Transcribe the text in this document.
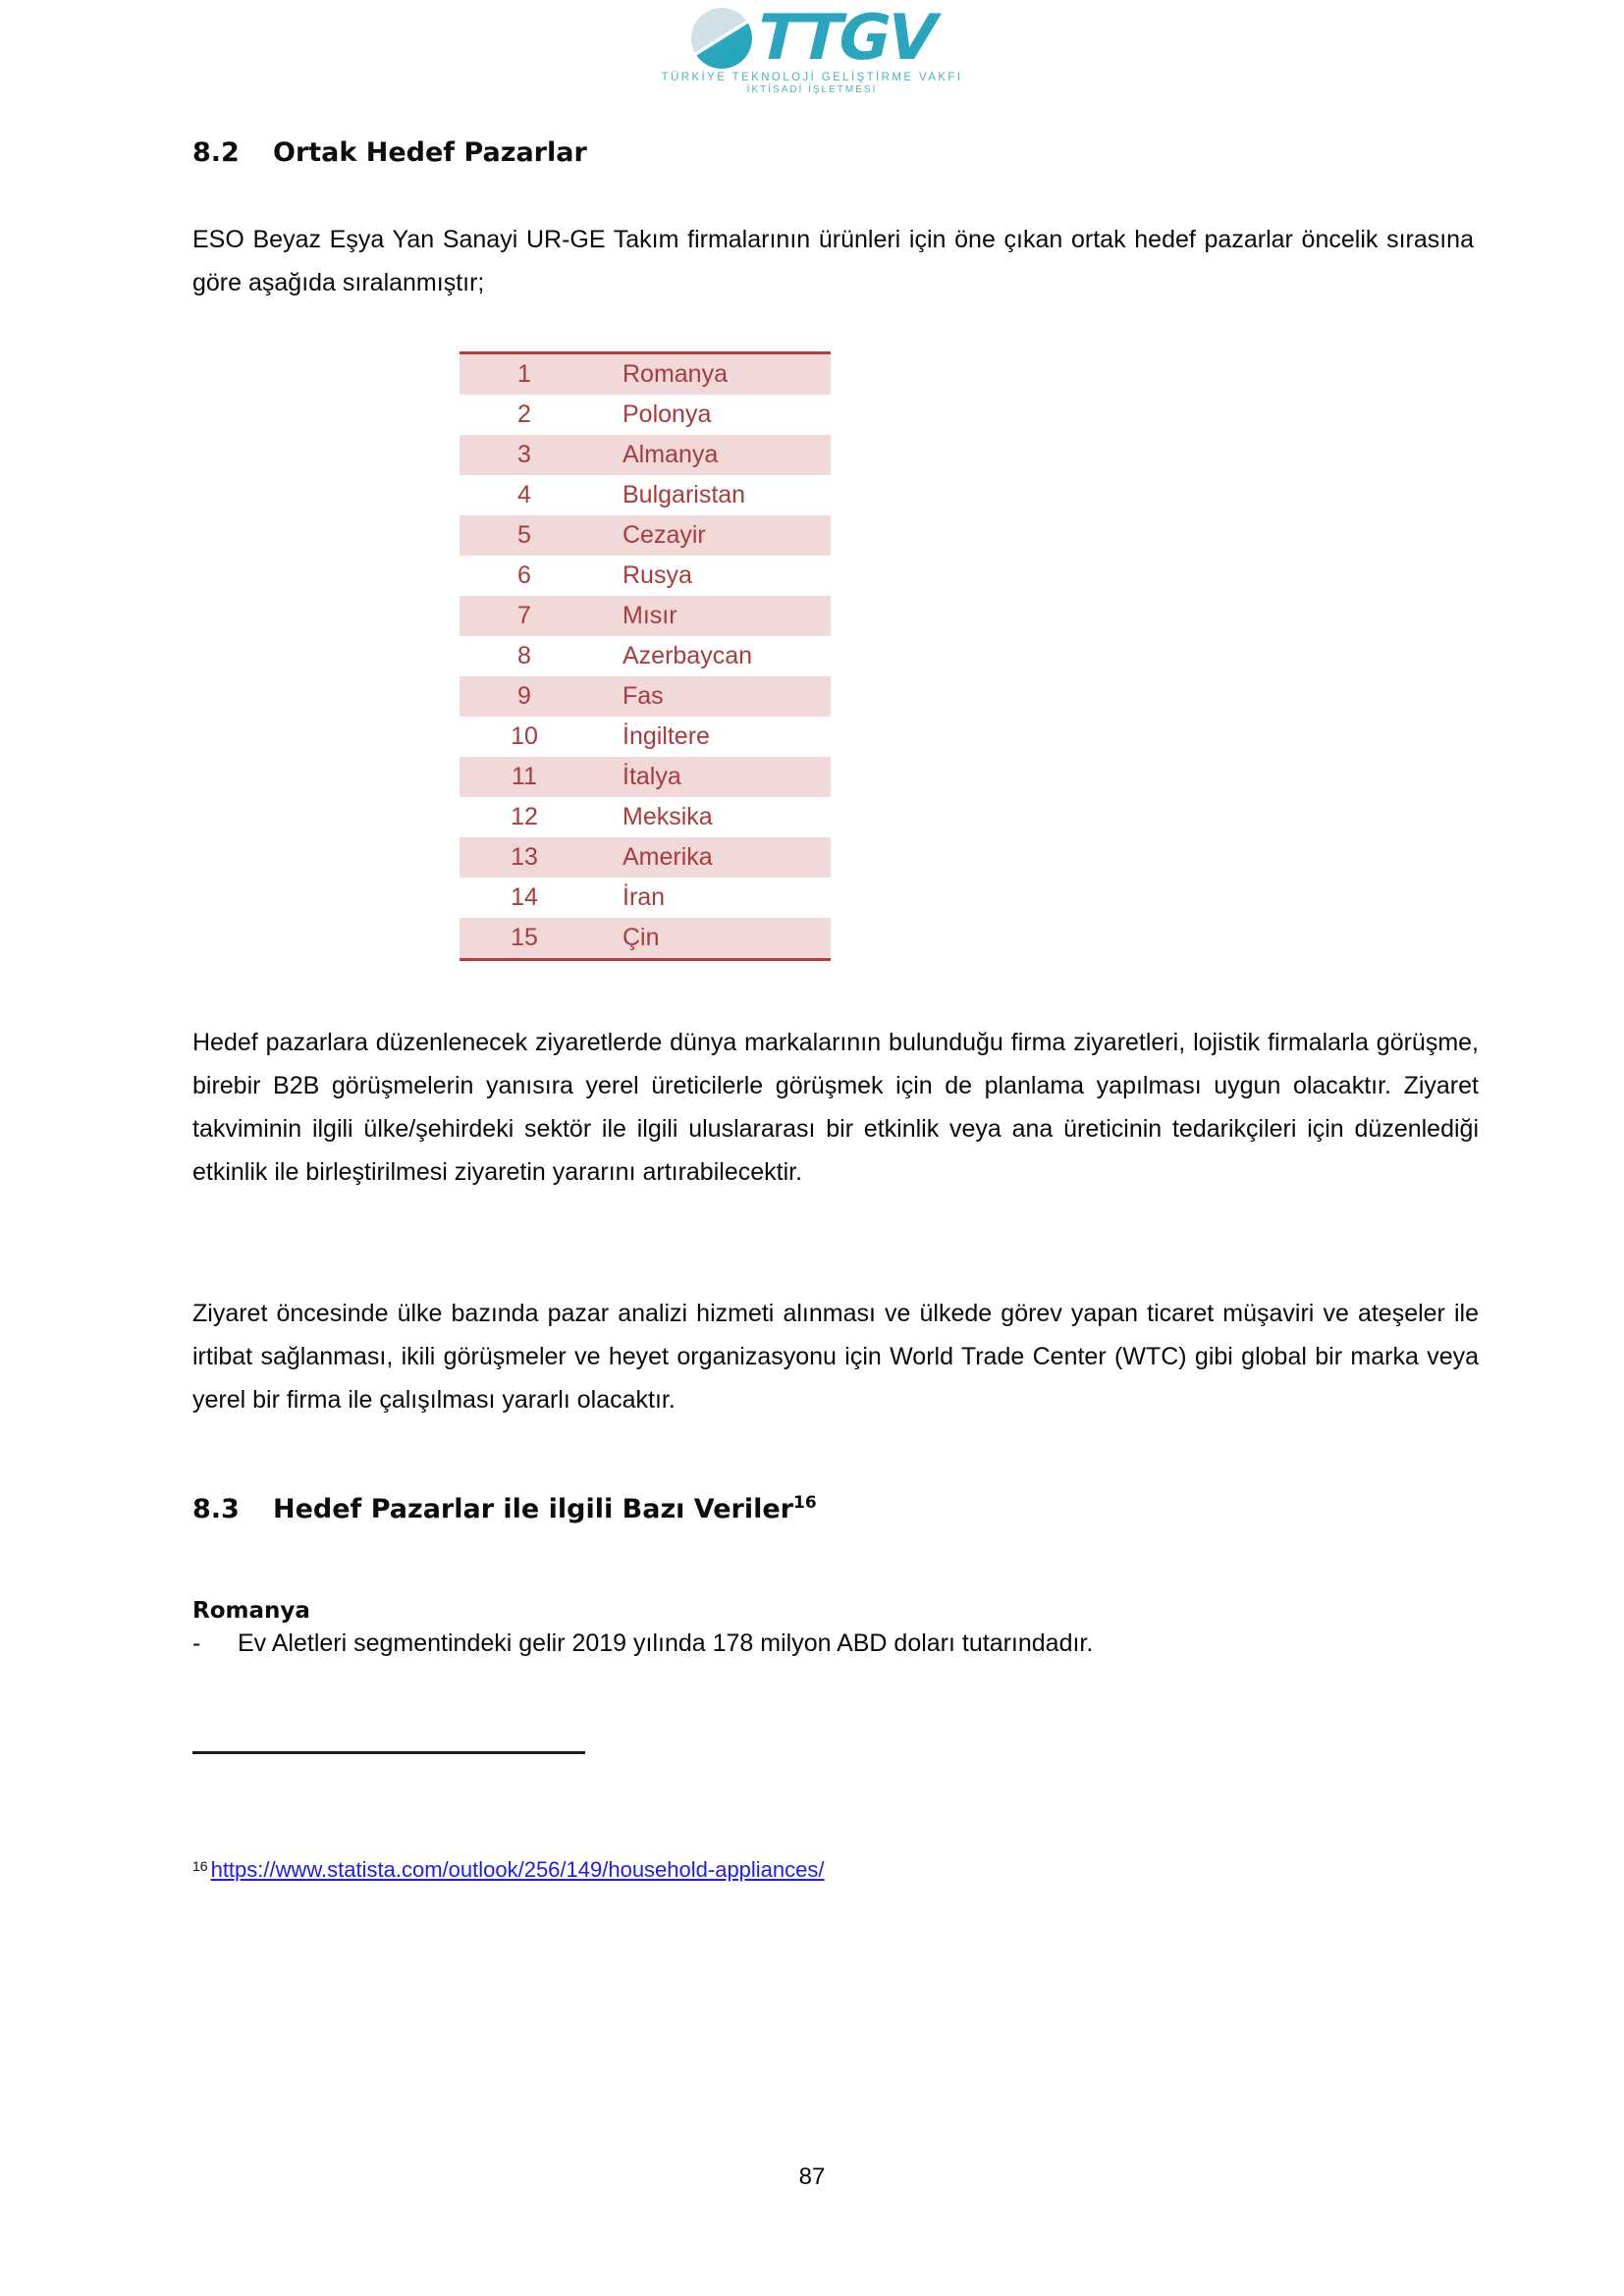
TTGV
TÜRKİYE TEKNOLOJİ GELİŞTİRME VAKFI
İKTİSADİ İŞLETMESİ
8.2	Ortak Hedef Pazarlar

ESO Beyaz Eşya Yan Sanayi UR-GE Takım firmalarının ürünleri için öne çıkan ortak hedef pazarlar öncelik sırasına göre aşağıda sıralanmıştır;

1	Romanya
2	Polonya
3	Almanya
4	Bulgaristan
5	Cezayir
6	Rusya
7	Mısır
8	Azerbaycan
9	Fas
10	İngiltere
11	İtalya
12	Meksika
13	Amerika
14	İran
15	Çin

Hedef pazarlara düzenlenecek ziyaretlerde dünya markalarının bulunduğu firma ziyaretleri, lojistik firmalarla görüşme, birebir B2B görüşmelerin yanısıra yerel üreticilerle görüşmek için de planlama yapılması uygun olacaktır. Ziyaret takviminin ilgili ülke/şehirdeki sektör ile ilgili uluslararası bir etkinlik veya ana üreticinin tedarikçileri için düzenlediği etkinlik ile birleştirilmesi ziyaretin yararını artırabilecektir.

Ziyaret öncesinde ülke bazında pazar analizi hizmeti alınması ve ülkede görev yapan ticaret müşaviri ve ateşeler ile irtibat sağlanması, ikili görüşmeler ve heyet organizasyonu için World Trade Center (WTC) gibi global bir marka veya yerel bir firma ile çalışılması yararlı olacaktır.

8.3	Hedef Pazarlar ile ilgili Bazı Veriler 16
Romanya
-	Ev Aletleri segmentindeki gelir 2019 yılında 178 milyon ABD doları tutarındadır.
16 https://www.statista.com/outlook/256/149/household-appliances/
87
